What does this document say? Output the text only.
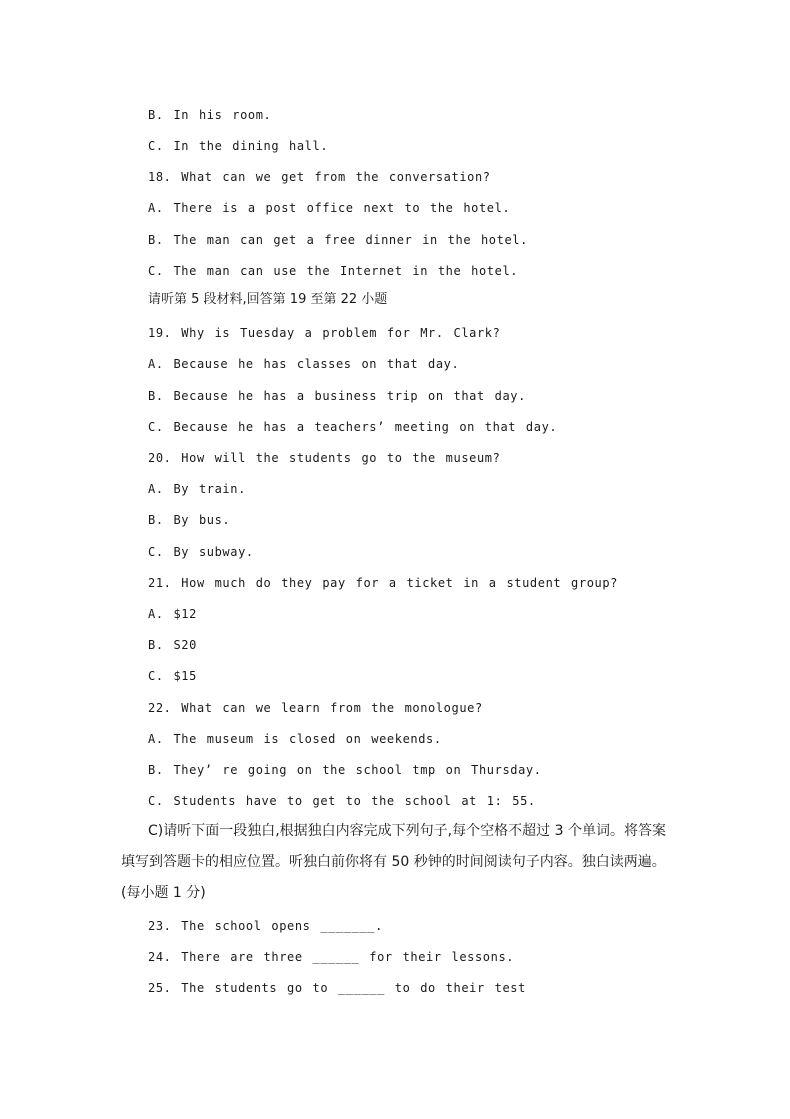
B. In his room.
C. In the dining hall.
18. What can we get from the conversation?
A. There is a post office next to the hotel.
B. The man can get a free dinner in the hotel.
C. The man can use the Internet in the hotel.
请听第 5 段材料,回答第 19 至第 22 小题
19. Why is Tuesday a problem for Mr. Clark?
A. Because he has classes on that day.
B. Because he has a business trip on that day.
C. Because he has a teachers’ meeting on that day.
20. How will the students go to the museum?
A. By train.
B. By bus.
C. By subway.
21. How much do they pay for a ticket in a student group?
A. $12
B. S20
C. $15
22. What can we learn from the monologue?
A. The museum is closed on weekends.
B. They’ re going on the school tmp on Thursday.
C. Students have to get to the school at 1: 55.
C)请听下面一段独白,根据独白内容完成下列句子,每个空格不超过 3 个单词。将答案
填写到答题卡的相应位置。听独白前你将有 50 秒钟的时间阅读句子内容。独白读两遍。
(每小题 1 分)
23. The school opens _______.
24. There are three ______ for their lessons.
25. The students go to ______ to do their test
